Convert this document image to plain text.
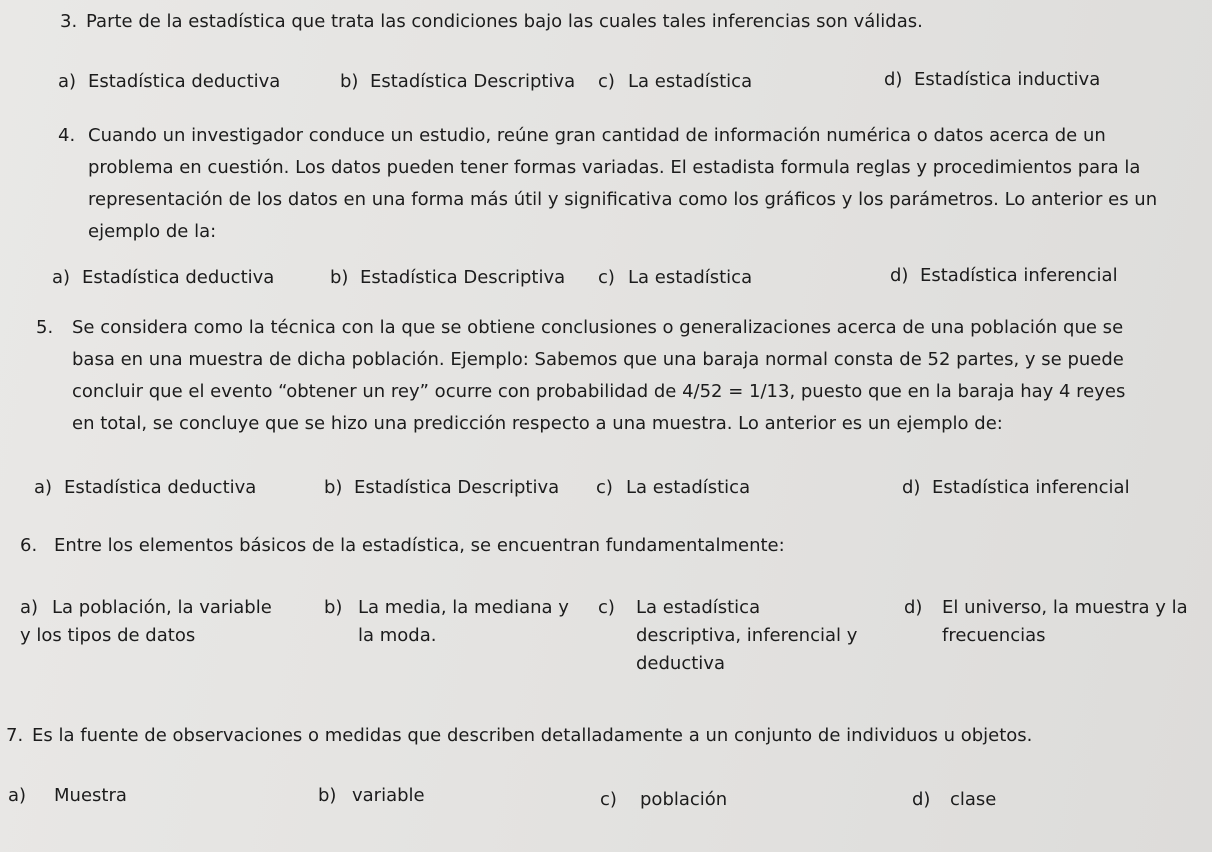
3. Parte de la estadística que trata las condiciones bajo las cuales tales inferencias son válidas.
a) Estadística deductiva	b) Estadística Descriptiva c) La estadística	d) Estadística inductiva
4. Cuando un investigador conduce un estudio, reúne gran cantidad de información numérica o datos acerca de un
problema en cuestión. Los datos pueden tener formas variadas. El estadista formula reglas y procedimientos para la
representación de los datos en una forma más útil y significativa como los gráficos y los parámetros. Lo anterior es un
ejemplo de la:
a) Estadística deductiva	b) Estadística Descriptiva c) La estadística	d) Estadística inferencial
5. Se considera como la técnica con la que se obtiene conclusiones o generalizaciones acerca de una población que se
basa en una muestra de dicha población. Ejemplo: Sabemos que una baraja normal consta de 52 partes, y se puede
concluir que el evento “obtener un rey” ocurre con probabilidad de 4/52 = 1/13, puesto que en la baraja hay 4 reyes
en total, se concluye que se hizo una predicción respecto a una muestra. Lo anterior es un ejemplo de:
a) Estadística deductiva	b) Estadística Descriptiva c) La estadística	d) Estadística inferencial
6. Entre los elementos básicos de la estadística, se encuentran fundamentalmente:
a) La población, la variable
y los tipos de datos
b) La media, la mediana y
la moda.
c) La estadística
descriptiva, inferencial y
deductiva
d) El universo, la muestra y la
frecuencias
7. Es la fuente de observaciones o medidas que describen detalladamente a un conjunto de individuos u objetos.
a) Muestra	b) variable	c) población	d) clase
